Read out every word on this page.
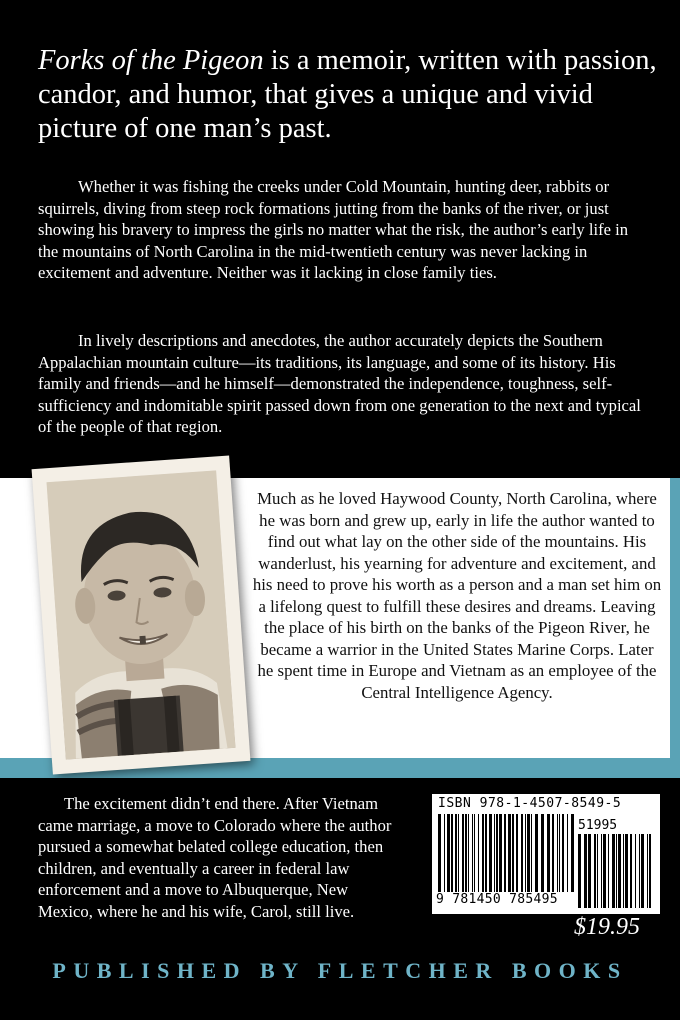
Forks of the Pigeon is a memoir, written with passion, candor, and humor, that gives a unique and vivid picture of one man’s past.

Whether it was fishing the creeks under Cold Mountain, hunting deer, rabbits or squirrels, diving from steep rock formations jutting from the banks of the river, or just showing his bravery to impress the girls no matter what the risk, the author’s early life in the mountains of North Carolina in the mid-twentieth century was never lacking in excitement and adventure. Neither was it lacking in close family ties.

In lively descriptions and anecdotes, the author accurately depicts the Southern Appalachian mountain culture—its traditions, its language, and some of its history. His family and friends—and he himself—demonstrated the independence, toughness, self-sufficiency and indomitable spirit passed down from one generation to the next and typical of the people of that region.

Much as he loved Haywood County, North Carolina, where he was born and grew up, early in life the author wanted to find out what lay on the other side of the mountains. His wanderlust, his yearning for adventure and excitement, and his need to prove his worth as a person and a man set him on a lifelong quest to fulfill these desires and dreams. Leaving the place of his birth on the banks of the Pigeon River, he became a warrior in the United States Marine Corps. Later he spent time in Europe and Vietnam as an employee of the Central Intelligence Agency.

The excitement didn’t end there. After Vietnam came marriage, a move to Colorado where the author pursued a somewhat belated college education, then children, and eventually a career in federal law enforcement and a move to Albuquerque, New Mexico, where he and his wife, Carol, still live.

ISBN 978-1-4507-8549-5
51995
9 781450 785495
$19.95
PUBLISHED BY FLETCHER BOOKS
